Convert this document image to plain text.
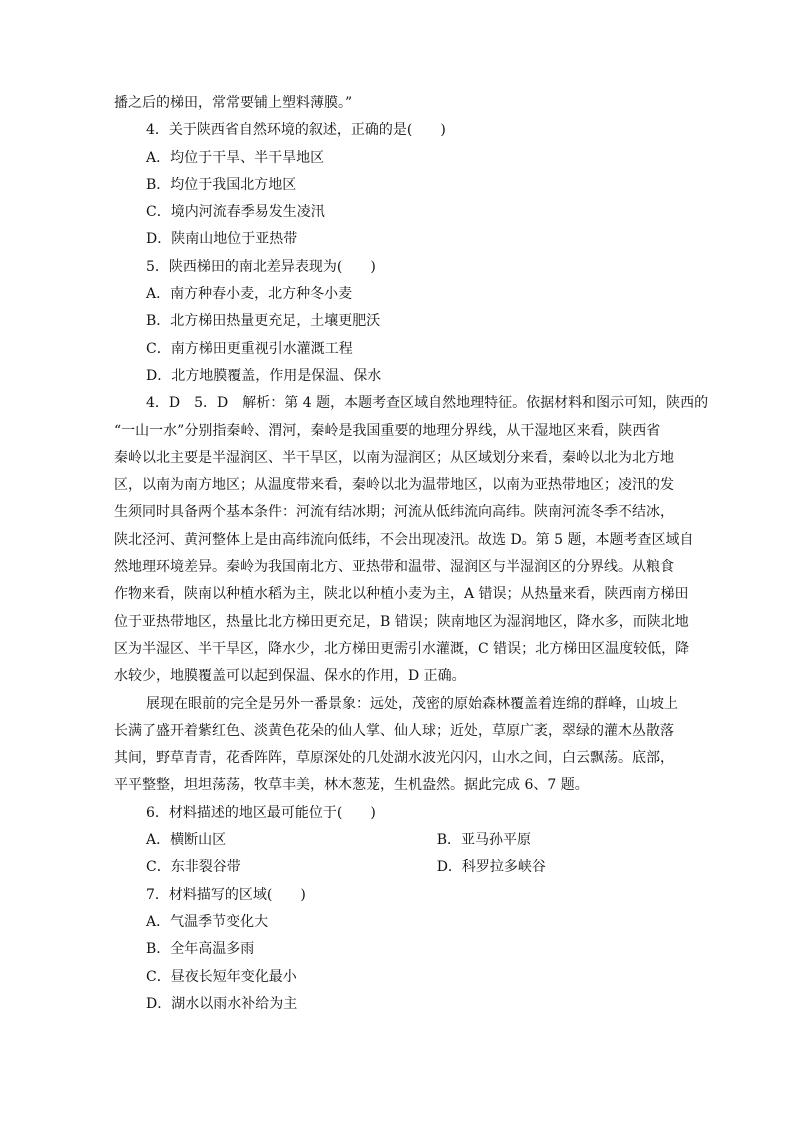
播之后的梯田，常常要铺上塑料薄膜。”
4．关于陕西省自然环境的叙述，正确的是(　　)
A．均位于干旱、半干旱地区
B．均位于我国北方地区
C．境内河流春季易发生凌汛
D．陕南山地位于亚热带
5．陕西梯田的南北差异表现为(　　)
A．南方种春小麦，北方种冬小麦
B．北方梯田热量更充足，土壤更肥沃
C．南方梯田更重视引水灌溉工程
D．北方地膜覆盖，作用是保温、保水
4．D　5．D　解析：第 4 题，本题考查区域自然地理特征。依据材料和图示可知，陕西的
“一山一水”分别指秦岭、渭河，秦岭是我国重要的地理分界线，从干湿地区来看，陕西省
秦岭以北主要是半湿润区、半干旱区，以南为湿润区；从区域划分来看，秦岭以北为北方地
区，以南为南方地区；从温度带来看，秦岭以北为温带地区，以南为亚热带地区；凌汛的发
生须同时具备两个基本条件：河流有结冰期；河流从低纬流向高纬。陕南河流冬季不结冰，
陕北泾河、黄河整体上是由高纬流向低纬，不会出现凌汛。故选 D。第 5 题，本题考查区域自
然地理环境差异。秦岭为我国南北方、亚热带和温带、湿润区与半湿润区的分界线。从粮食
作物来看，陕南以种植水稻为主，陕北以种植小麦为主，A 错误；从热量来看，陕西南方梯田
位于亚热带地区，热量比北方梯田更充足，B 错误；陕南地区为湿润地区，降水多，而陕北地
区为半湿区、半干旱区，降水少，北方梯田更需引水灌溉，C 错误；北方梯田区温度较低，降
水较少，地膜覆盖可以起到保温、保水的作用，D 正确。
展现在眼前的完全是另外一番景象：远处，茂密的原始森林覆盖着连绵的群峰，山坡上
长满了盛开着紫红色、淡黄色花朵的仙人掌、仙人球；近处，草原广袤，翠绿的灌木丛散落
其间，野草青青，花香阵阵，草原深处的几处湖水波光闪闪，山水之间，白云飘荡。底部，
平平整整，坦坦荡荡，牧草丰美，林木葱茏，生机盎然。据此完成 6、7 题。
6．材料描述的地区最可能位于(　　)
A．横断山区	B．亚马孙平原
C．东非裂谷带	D．科罗拉多峡谷
7．材料描写的区域(　　)
A．气温季节变化大
B．全年高温多雨
C．昼夜长短年变化最小
D．湖水以雨水补给为主
